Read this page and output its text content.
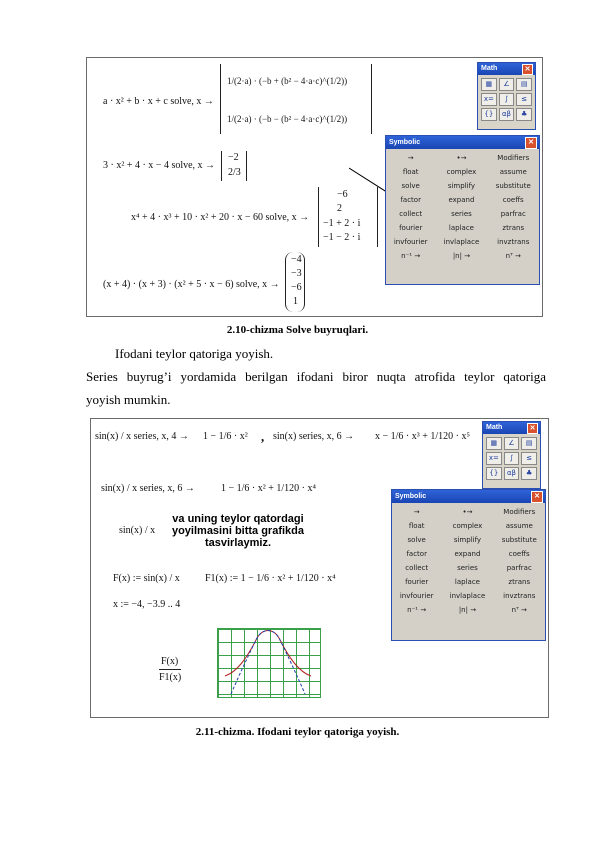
a · x² + b · x + c solve, x →
1/(2·a) · (−b + (b² − 4·a·c)^(1/2))
1/(2·a) · (−b − (b² − 4·a·c)^(1/2))
3 · x² + 4 · x − 4 solve, x →
−2
2/3
x⁴ + 4 · x³ + 10 · x² + 20 · x − 60 solve, x →
−6
2
−1 + 2 · i
−1 − 2 · i
(x + 4) · (x + 3) · (x² + 5 · x − 6) solve, x →
−4
−3
−6
1
Math	✕
▦	∠	▤
x=	∫	≤
{}	αβ	♣
Symbolic	✕
→	•→	Modifiers
float	complex	assume
solve	simplify	substitute
factor	expand	coeffs
collect	series	parfrac
fourier	laplace	ztrans
invfourier	invlaplace	invztrans
n⁻¹ →	|n| →	nᵀ →
2.10-chizma Solve buyruqlari.
Ifodani teylor qatoriga yoyish.
Series buyrug’i yordamida berilgan ifodani biror nuqta atrofida teylor qatoriga
yoyish mumkin.
sin(x) / x series, x, 4 → 1 − 1/6 · x² , sin(x) series, x, 6 → x − 1/6 · x³ + 1/120 · x⁵
sin(x) / x series, x, 6 →	1 − 1/6 · x² + 1/120 · x⁴
sin(x) / x
va uning teylor qatordagi
yoyilmasini bitta grafikda
tasvirlaymiz.
F(x) := sin(x) / x	F1(x) := 1 − 1/6 · x² + 1/120 · x⁴
x := −4, −3.9 .. 4
F(x)
F1(x)
Math	✕
▦	∠	▤
x=	∫	≤
{}	αβ	♣
Symbolic	✕
→	•→	Modifiers
float	complex	assume
solve	simplify	substitute
factor	expand	coeffs
collect	series	parfrac
fourier	laplace	ztrans
invfourier	invlaplace	invztrans
n⁻¹ →	|n| →	nᵀ →
2.11-chizma. Ifodani teylor qatoriga yoyish.
